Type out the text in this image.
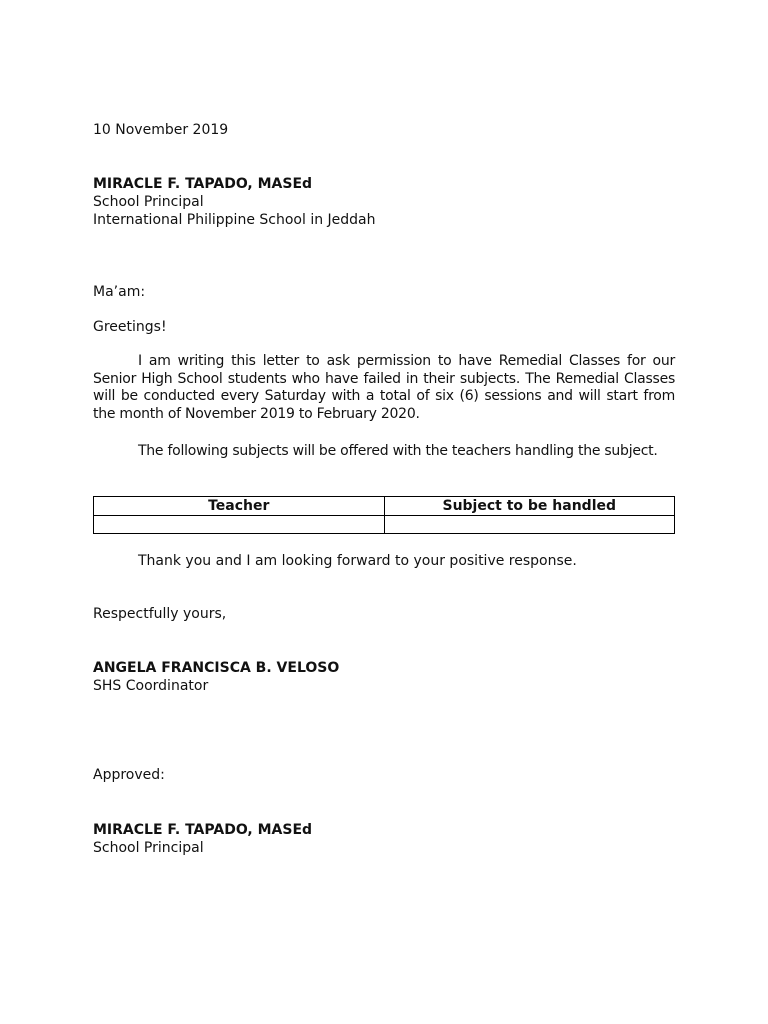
10 November 2019
MIRACLE F. TAPADO, MASEd
School Principal
International Philippine School in Jeddah
Ma’am:
Greetings!

I am writing this letter to ask permission to have Remedial Classes for our Senior High School students who have failed in their subjects. The Remedial Classes will be conducted every Saturday with a total of six (6) sessions and will start from the month of November 2019 to February 2020.

The following subjects will be offered with the teachers handling the subject.

Teacher	Subject to be handled

Thank you and I am looking forward to your positive response.
Respectfully yours,
ANGELA FRANCISCA B. VELOSO
SHS Coordinator
Approved:
MIRACLE F. TAPADO, MASEd
School Principal
